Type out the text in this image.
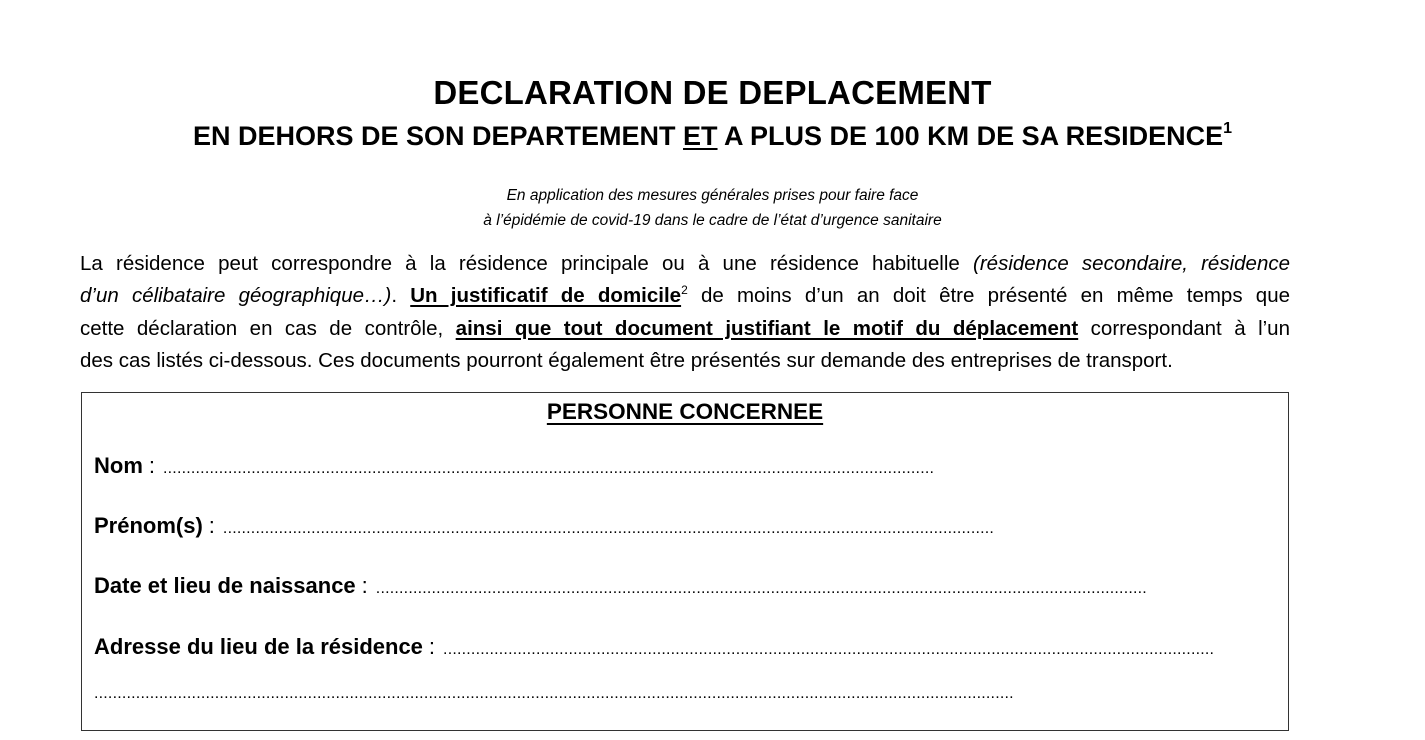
DECLARATION DE DEPLACEMENT
EN DEHORS DE SON DEPARTEMENT ET A PLUS DE 100 KM DE SA RESIDENCE$^1$
En application des mesures générales prises pour faire face
à l’épidémie de covid-19 dans le cadre de l’état d’urgence sanitaire
La résidence peut correspondre à la résidence principale ou à une résidence habituelle (résidence secondaire, résidence
d’un célibataire géographique…). Un justificatif de domicile$^2$ de moins d’un an doit être présenté en même temps que
cette déclaration en cas de contrôle, ainsi que tout document justifiant le motif du déplacement correspondant à l’un
des cas listés ci-dessous. Ces documents pourront également être présentés sur demande des entreprises de transport.
PERSONNE CONCERNEE
Nom : ......................................................................................................................................................................
Prénom(s) : ......................................................................................................................................................................
Date et lieu de naissance : ......................................................................................................................................................................
Adresse du lieu de la résidence : ......................................................................................................................................................................
......................................................................................................................................................................................................
